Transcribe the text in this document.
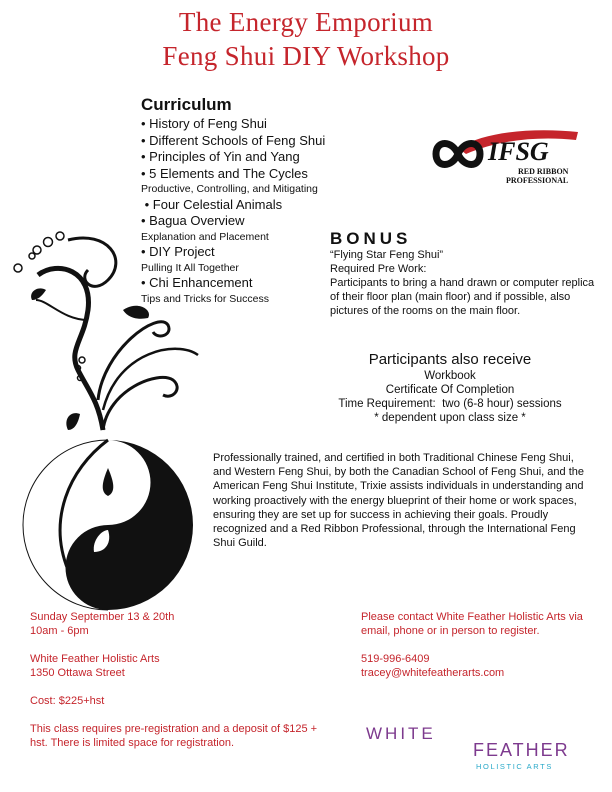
The Energy Emporium
Feng Shui DIY Workshop
Curriculum
• History of Feng Shui
• Different Schools of Feng Shui
• Principles of Yin and Yang
• 5 Elements and The Cycles
Productive, Controlling, and Mitigating
• Four Celestial Animals
• Bagua Overview
Explanation and Placement
• DIY Project
Pulling It All Together
• Chi Enhancement
Tips and Tricks for Success
IFSG
RED RIBBON
PROFESSIONAL
BONUS
“Flying Star Feng Shui”
Required Pre Work:
Participants to bring a hand drawn or computer replica of their floor plan (main floor) and if possible, also pictures of the rooms on the main floor.
Participants also receive
Workbook
Certificate Of Completion
Time Requirement:  two (6-8 hour) sessions
* dependent upon class size *
Professionally trained, and certified in both Traditional Chinese Feng Shui, and Western Feng Shui, by both the Canadian School of Feng Shui, and the American Feng Shui Institute, Trixie assists individuals in understanding and working proactively with the energy blueprint of their home or work spaces, ensuring they are set up for success in achieving their goals. Proudly recognized and a Red Ribbon Professional, through the International Feng Shui Guild.
Sunday September 13 & 20th
10am - 6pm
White Feather Holistic Arts
1350 Ottawa Street
Cost: $225+hst
This class requires pre-registration and a deposit of $125 + hst. There is limited space for registration.
Please contact White Feather Holistic Arts via email, phone or in person to register.
519-996-6409
tracey@whitefeatherarts.com
WHITE
FEATHER
HOLISTIC ARTS
